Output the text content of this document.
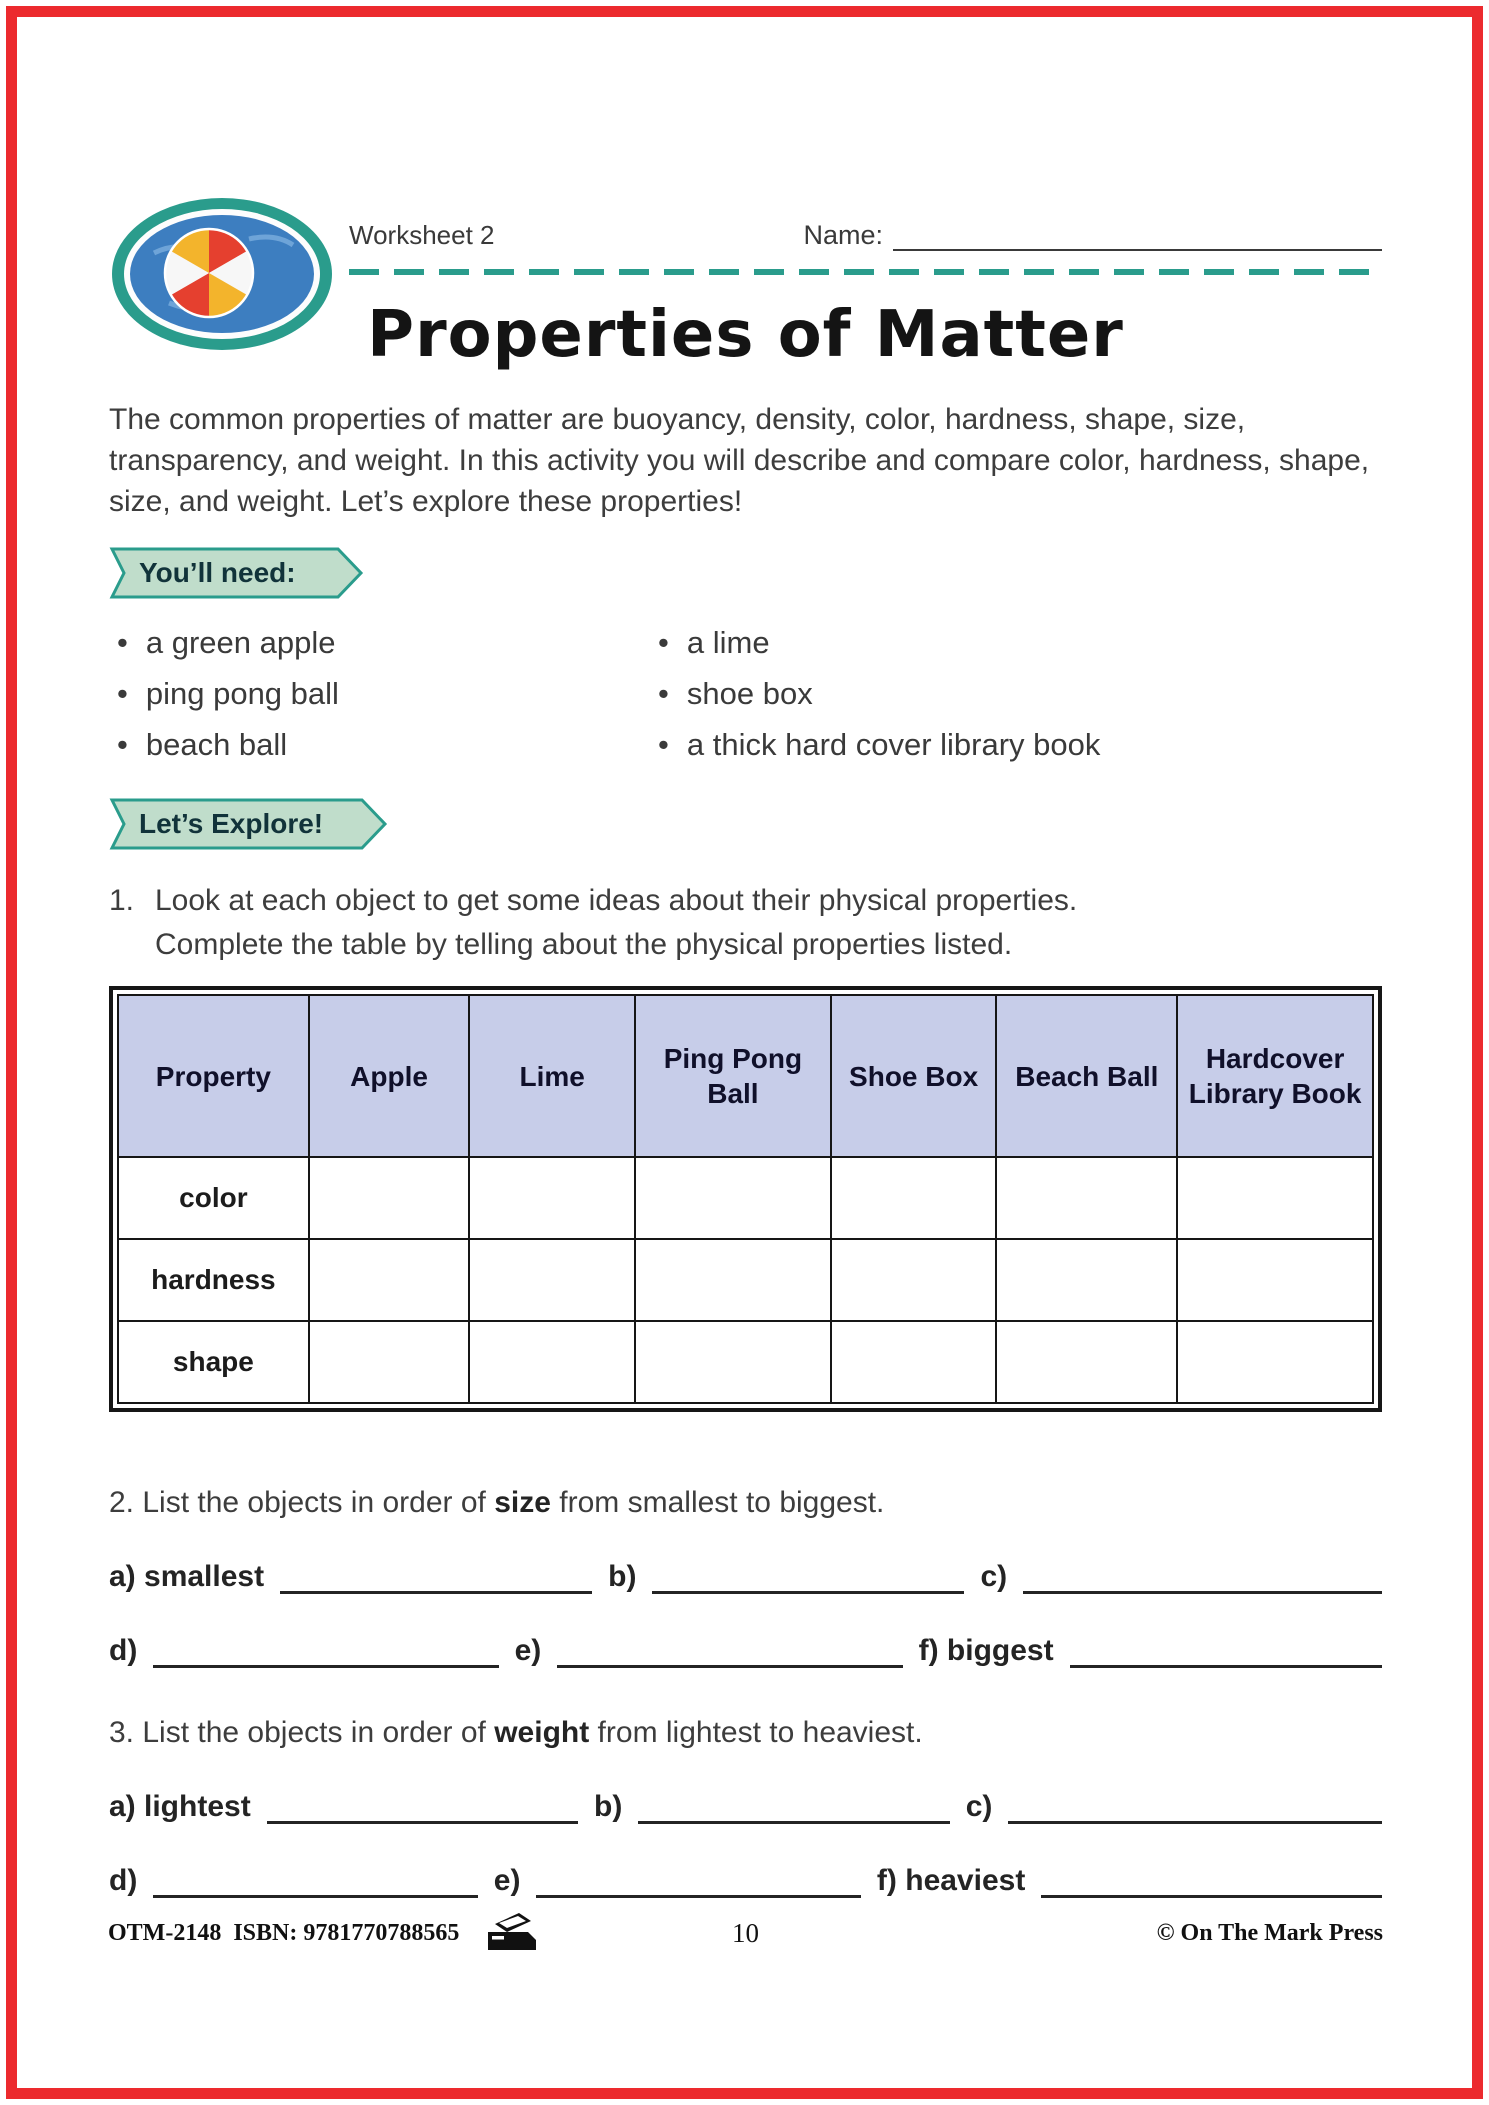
Worksheet 2	Name:
Properties of Matter
The common properties of matter are buoyancy, density, color, hardness, shape, size, transparency, and weight. In this activity you will describe and compare color, hardness, shape, size, and weight. Let’s explore these properties!
You’ll need:
• a green apple	• a lime
• ping pong ball	• shoe box
• beach ball	• a thick hard cover library book
Let’s Explore!
1. Look at each object to get some ideas about their physical properties.
Complete the table by telling about the physical properties listed.
Property	Apple	Lime	Ping Pong Ball	Shoe Box	Beach Ball	Hardcover Library Book
color						
hardness						
shape						
2. List the objects in order of size from smallest to biggest.
a) smallest	b)	c)
d)	e)	f) biggest
3. List the objects in order of weight from lightest to heaviest.
a) lightest	b)	c)
d)	e)	f) heaviest
OTM-2148  ISBN: 9781770788565	10	© On The Mark Press
